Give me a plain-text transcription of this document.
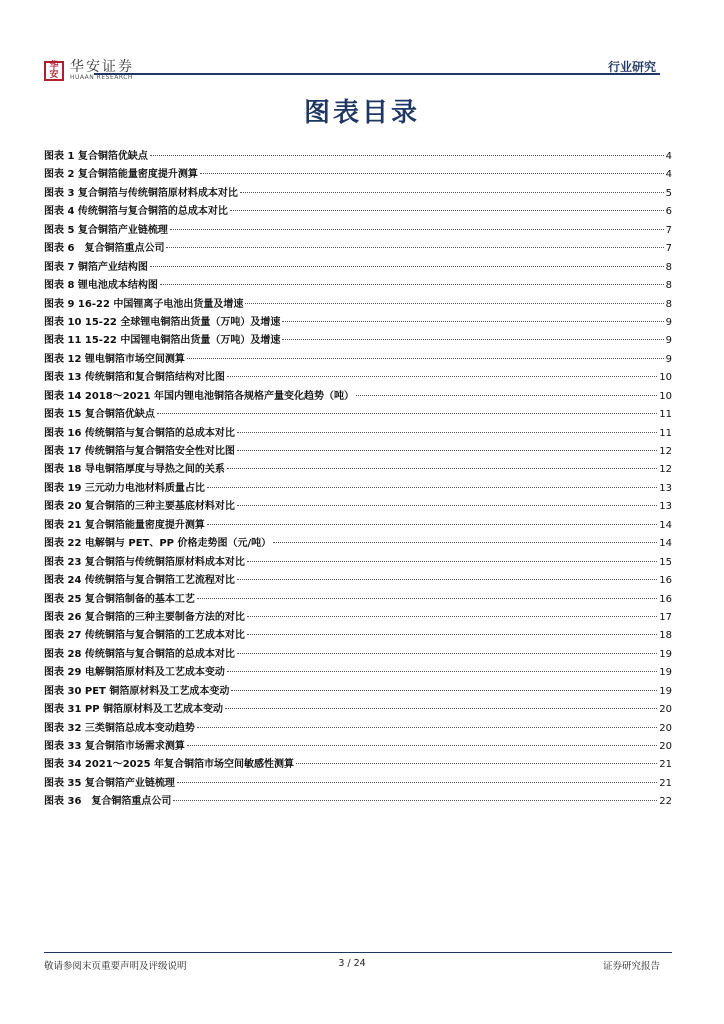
华安 华安证券
HUAAN RESEARCH
行业研究
图表目录
图表 1 复合铜箔优缺点	4
图表 2 复合铜箔能量密度提升测算	4
图表 3 复合铜箔与传统铜箔原材料成本对比	5
图表 4 传统铜箔与复合铜箔的总成本对比	6
图表 5 复合铜箔产业链梳理	7
图表 6　复合铜箔重点公司	7
图表 7 铜箔产业结构图	8
图表 8 锂电池成本结构图	8
图表 9 16-22 中国锂离子电池出货量及增速	8
图表 10 15-22 全球锂电铜箔出货量（万吨）及增速	9
图表 11 15-22 中国锂电铜箔出货量（万吨）及增速	9
图表 12 锂电铜箔市场空间测算	9
图表 13 传统铜箔和复合铜箔结构对比图	10
图表 14 2018～2021 年国内锂电池铜箔各规格产量变化趋势（吨）	10
图表 15 复合铜箔优缺点	11
图表 16 传统铜箔与复合铜箔的总成本对比	11
图表 17 传统铜箔与复合铜箔安全性对比图	12
图表 18 导电铜箔厚度与导热之间的关系	12
图表 19 三元动力电池材料质量占比	13
图表 20 复合铜箔的三种主要基底材料对比	13
图表 21 复合铜箔能量密度提升测算	14
图表 22 电解铜与 PET、PP 价格走势图（元/吨）	14
图表 23 复合铜箔与传统铜箔原材料成本对比	15
图表 24 传统铜箔与复合铜箔工艺流程对比	16
图表 25 复合铜箔制备的基本工艺	16
图表 26 复合铜箔的三种主要制备方法的对比	17
图表 27 传统铜箔与复合铜箔的工艺成本对比	18
图表 28 传统铜箔与复合铜箔的总成本对比	19
图表 29 电解铜箔原材料及工艺成本变动	19
图表 30 PET 铜箔原材料及工艺成本变动	19
图表 31 PP 铜箔原材料及工艺成本变动	20
图表 32 三类铜箔总成本变动趋势	20
图表 33 复合铜箔市场需求测算	20
图表 34 2021～2025 年复合铜箔市场空间敏感性测算	21
图表 35 复合铜箔产业链梳理	21
图表 36　复合铜箔重点公司	22
敬请参阅末页重要声明及评级说明	3 / 24	证券研究报告
